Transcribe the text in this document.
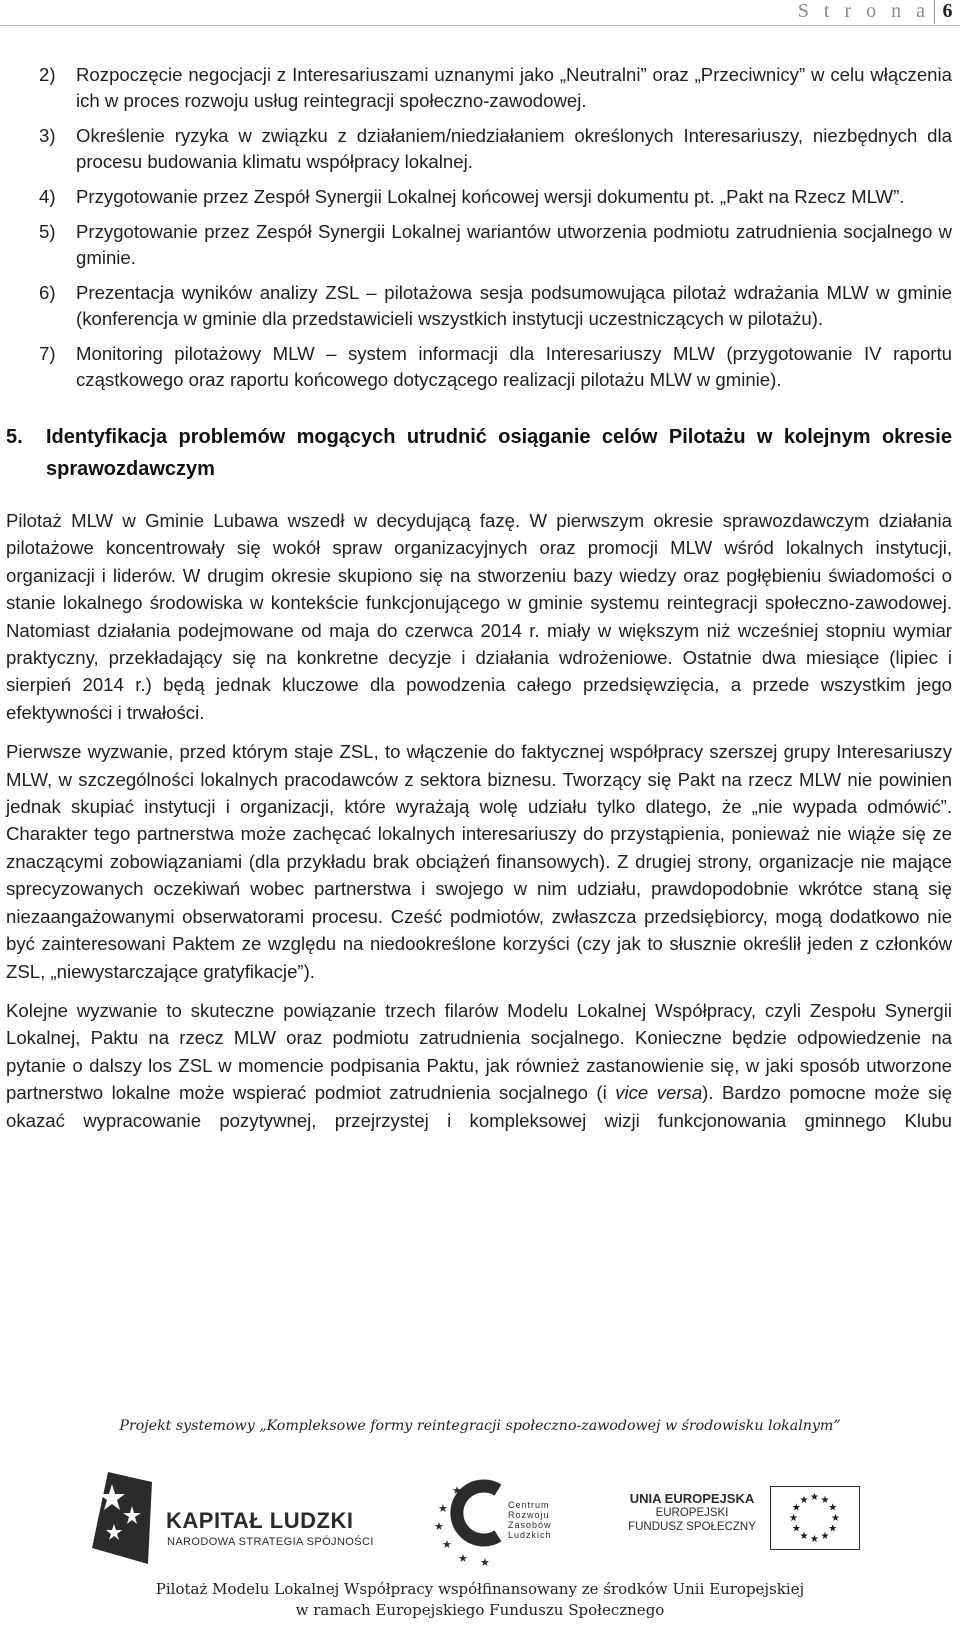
S t r o n a 6
2) Rozpoczęcie negocjacji z Interesariuszami uznanymi jako „Neutralni” oraz „Przeciwnicy” w celu włączenia ich w proces rozwoju usług reintegracji społeczno-zawodowej.
3) Określenie ryzyka w związku z działaniem/niedziałaniem określonych Interesariuszy, niezbędnych dla procesu budowania klimatu współpracy lokalnej.
4) Przygotowanie przez Zespół Synergii Lokalnej końcowej wersji dokumentu pt. „Pakt na Rzecz MLW”.
5) Przygotowanie przez Zespół Synergii Lokalnej wariantów utworzenia podmiotu zatrudnienia socjalnego w gminie.
6) Prezentacja wyników analizy ZSL – pilotażowa sesja podsumowująca pilotaż wdrażania MLW w gminie (konferencja w gminie dla przedstawicieli wszystkich instytucji uczestniczących w pilotażu).
7) Monitoring pilotażowy MLW – system informacji dla Interesariuszy MLW (przygotowanie IV raportu cząstkowego oraz raportu końcowego dotyczącego realizacji pilotażu MLW w gminie).
5. Identyfikacja problemów mogących utrudnić osiąganie celów Pilotażu w kolejnym okresie sprawozdawczym

Pilotaż MLW w Gminie Lubawa wszedł w decydującą fazę. W pierwszym okresie sprawozdawczym działania pilotażowe koncentrowały się wokół spraw organizacyjnych oraz promocji MLW wśród lokalnych instytucji, organizacji i liderów. W drugim okresie skupiono się na stworzeniu bazy wiedzy oraz pogłębieniu świadomości o stanie lokalnego środowiska w kontekście funkcjonującego w gminie systemu reintegracji społeczno-zawodowej. Natomiast działania podejmowane od maja do czerwca 2014 r. miały w większym niż wcześniej stopniu wymiar praktyczny, przekładający się na konkretne decyzje i działania wdrożeniowe. Ostatnie dwa miesiące (lipiec i sierpień 2014 r.) będą jednak kluczowe dla powodzenia całego przedsięwzięcia, a przede wszystkim jego efektywności i trwałości.

Pierwsze wyzwanie, przed którym staje ZSL, to włączenie do faktycznej współpracy szerszej grupy Interesariuszy MLW, w szczególności lokalnych pracodawców z sektora biznesu. Tworzący się Pakt na rzecz MLW nie powinien jednak skupiać instytucji i organizacji, które wyrażają wolę udziału tylko dlatego, że „nie wypada odmówić”. Charakter tego partnerstwa może zachęcać lokalnych interesariuszy do przystąpienia, ponieważ nie wiąże się ze znaczącymi zobowiązaniami (dla przykładu brak obciążeń finansowych). Z drugiej strony, organizacje nie mające sprecyzowanych oczekiwań wobec partnerstwa i swojego w nim udziału, prawdopodobnie wkrótce staną się niezaangażowanymi obserwatorami procesu. Cześć podmiotów, zwłaszcza przedsiębiorcy, mogą dodatkowo nie być zainteresowani Paktem ze względu na niedookreślone korzyści (czy jak to słusznie określił jeden z członków ZSL, „niewystarczające gratyfikacje”).

Kolejne wyzwanie to skuteczne powiązanie trzech filarów Modelu Lokalnej Współpracy, czyli Zespołu Synergii Lokalnej, Paktu na rzecz MLW oraz podmiotu zatrudnienia socjalnego. Konieczne będzie odpowiedzenie na pytanie o dalszy los ZSL w momencie podpisania Paktu, jak również zastanowienie się, w jaki sposób utworzone partnerstwo lokalne może wspierać podmiot zatrudnienia socjalnego (i vice versa). Bardzo pomocne może się okazać wypracowanie pozytywnej, przejrzystej i kompleksowej wizji funkcjonowania gminnego Klubu

Projekt systemowy „Kompleksowe formy reintegracji społeczno-zawodowej w środowisku lokalnym”
KAPITAŁ LUDZKI
NARODOWA STRATEGIA SPÓJNOŚCI
★
★
★
★
★ ★
Centrum
Rozwoju
Zasobów
Ludzkich
UNIA EUROPEJSKA
EUROPEJSKI
FUNDUSZ SPOŁECZNY
★ ★
★
★
★
★
★
★
★
★
★
★
Pilotaż Modelu Lokalnej Współpracy współfinansowany ze środków Unii Europejskiej
w ramach Europejskiego Funduszu Społecznego
